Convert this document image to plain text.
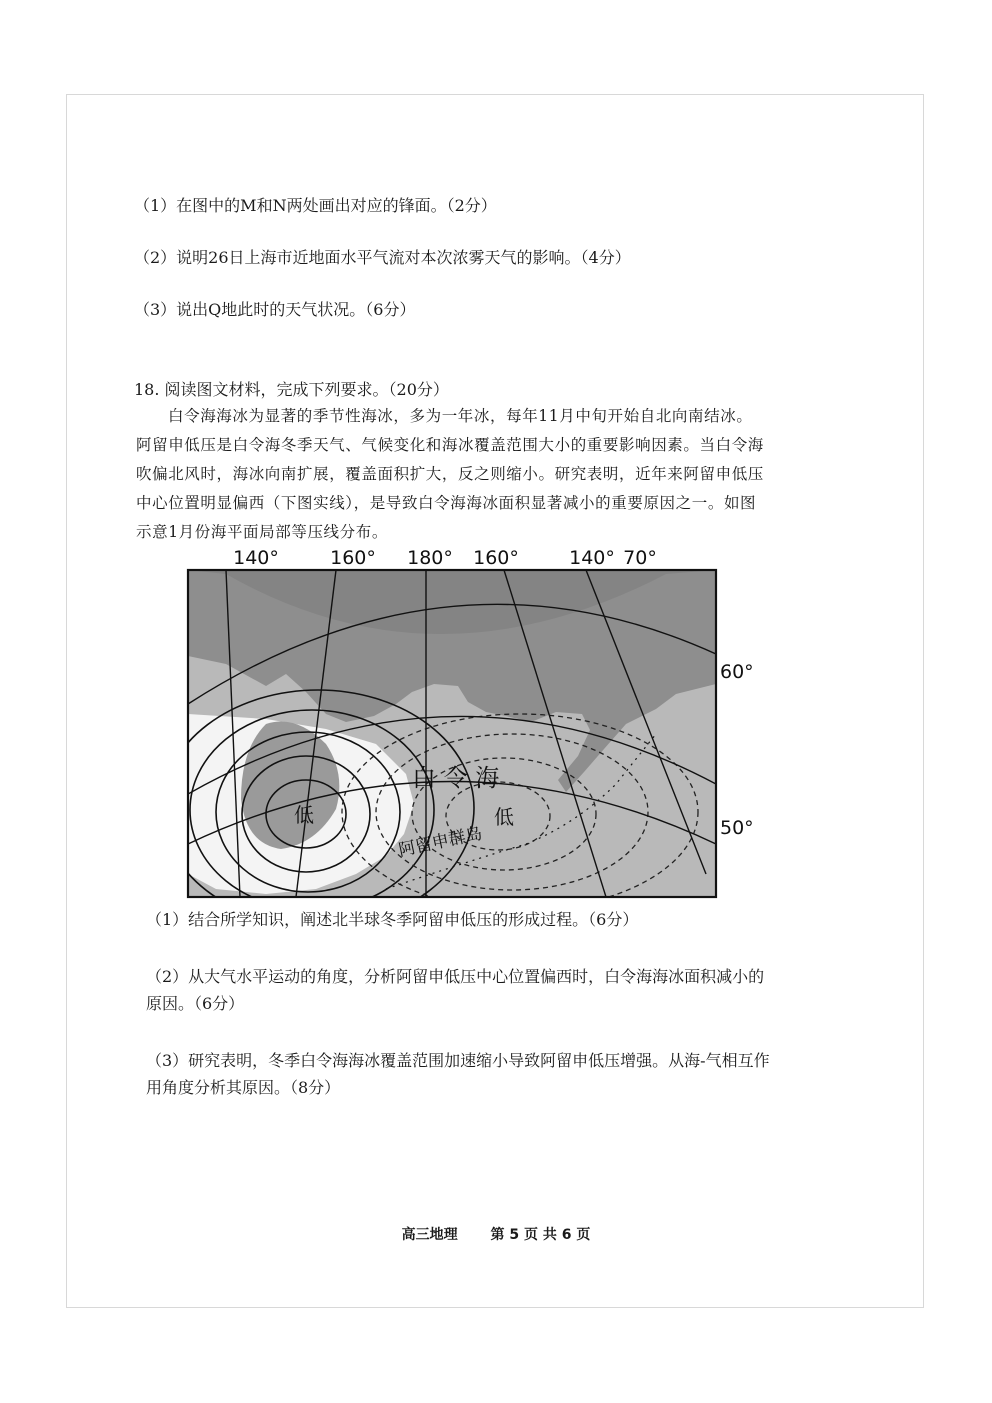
（1）在图中的M和N两处画出对应的锋面。（2分）
（2）说明26日上海市近地面水平气流对本次浓雾天气的影响。（4分）
（3）说出Q地此时的天气状况。（6分）
18. 阅读图文材料，完成下列要求。（20分）

白令海海冰为显著的季节性海冰，多为一年冰，每年11月中旬开始自北向南结冰。

阿留申低压是白令海冬季天气、气候变化和海冰覆盖范围大小的重要影响因素。当白令海

吹偏北风时，海冰向南扩展，覆盖面积扩大，反之则缩小。研究表明，近年来阿留申低压

中心位置明显偏西（下图实线），是导致白令海海冰面积显著减小的重要原因之一。如图

示意1月份海平面局部等压线分布。

140°	160° 180° 160°	140° 70°
60°
50°
白 令 海
低	低
阿留申群岛
（1）结合所学知识，阐述北半球冬季阿留申低压的形成过程。（6分）
（2）从大气水平运动的角度，分析阿留申低压中心位置偏西时，白令海海冰面积减小的
原因。（6分）
（3）研究表明，冬季白令海海冰覆盖范围加速缩小导致阿留申低压增强。从海-气相互作
用角度分析其原因。（8分）
高三地理 第 5 页 共 6 页
